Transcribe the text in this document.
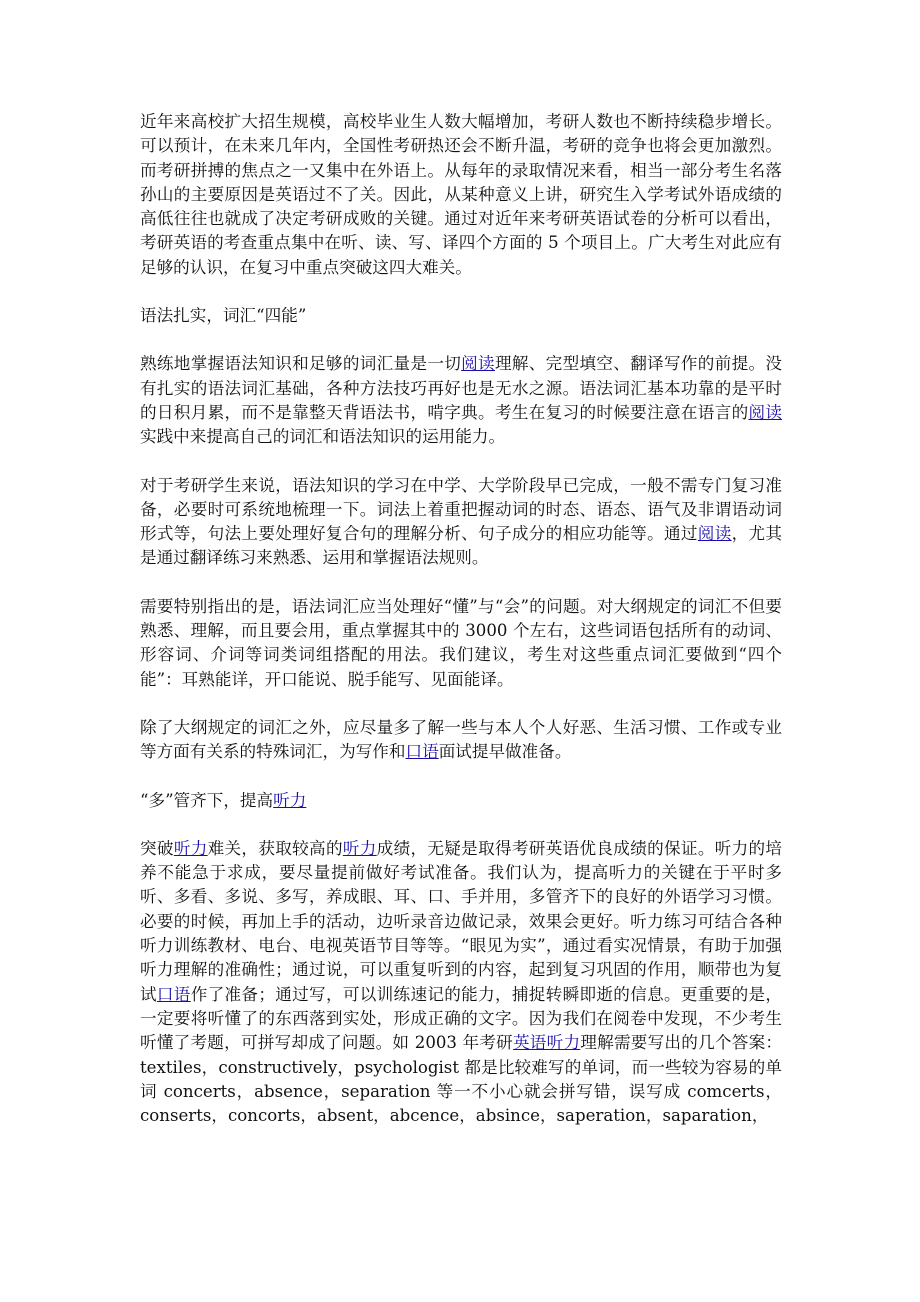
近年来高校扩大招生规模，高校毕业生人数大幅增加，考研人数也不断持续稳步增长。可以预计，在未来几年内，全国性考研热还会不断升温，考研的竞争也将会更加激烈。而考研拼搏的焦点之一又集中在外语上。从每年的录取情况来看，相当一部分考生名落孙山的主要原因是英语过不了关。因此，从某种意义上讲，研究生入学考试外语成绩的高低往往也就成了决定考研成败的关键。通过对近年来考研英语试卷的分析可以看出，考研英语的考查重点集中在听、读、写、译四个方面的 5 个项目上。广大考生对此应有足够的认识，在复习中重点突破这四大难关。

语法扎实，词汇“四能”

熟练地掌握语法知识和足够的词汇量是一切阅读理解、完型填空、翻译写作的前提。没有扎实的语法词汇基础，各种方法技巧再好也是无水之源。语法词汇基本功靠的是平时的日积月累，而不是靠整天背语法书，啃字典。考生在复习的时候要注意在语言的阅读实践中来提高自己的词汇和语法知识的运用能力。

对于考研学生来说，语法知识的学习在中学、大学阶段早已完成，一般不需专门复习准备，必要时可系统地梳理一下。词法上着重把握动词的时态、语态、语气及非谓语动词形式等，句法上要处理好复合句的理解分析、句子成分的相应功能等。通过阅读，尤其是通过翻译练习来熟悉、运用和掌握语法规则。

需要特别指出的是，语法词汇应当处理好“懂”与“会”的问题。对大纲规定的词汇不但要熟悉、理解，而且要会用，重点掌握其中的 3000 个左右，这些词语包括所有的动词、形容词、介词等词类词组搭配的用法。我们建议，考生对这些重点词汇要做到“四个能”：耳熟能详，开口能说、脱手能写、见面能译。

除了大纲规定的词汇之外，应尽量多了解一些与本人个人好恶、生活习惯、工作或专业等方面有关系的特殊词汇，为写作和口语面试提早做准备。

“多”管齐下，提高听力

突破听力难关，获取较高的听力成绩，无疑是取得考研英语优良成绩的保证。听力的培养不能急于求成，要尽量提前做好考试准备。我们认为，提高听力的关键在于平时多听、多看、多说、多写，养成眼、耳、口、手并用，多管齐下的良好的外语学习习惯。必要的时候，再加上手的活动，边听录音边做记录，效果会更好。听力练习可结合各种听力训练教材、电台、电视英语节目等等。“眼见为实”，通过看实况情景，有助于加强听力理解的准确性；通过说，可以重复听到的内容，起到复习巩固的作用，顺带也为复试口语作了准备；通过写，可以训练速记的能力，捕捉转瞬即逝的信息。更重要的是，一定要将听懂了的东西落到实处，形成正确的文字。因为我们在阅卷中发现，不少考生听懂了考题，可拼写却成了问题。如 2003 年考研英语听力理解需要写出的几个答案：textiles，constructively，psychologist 都是比较难写的单词，而一些较为容易的单词 concerts，absence，separation 等一不小心就会拼写错，误写成 comcerts，conserts，concorts，absent，abcence，absince，saperation，saparation，
